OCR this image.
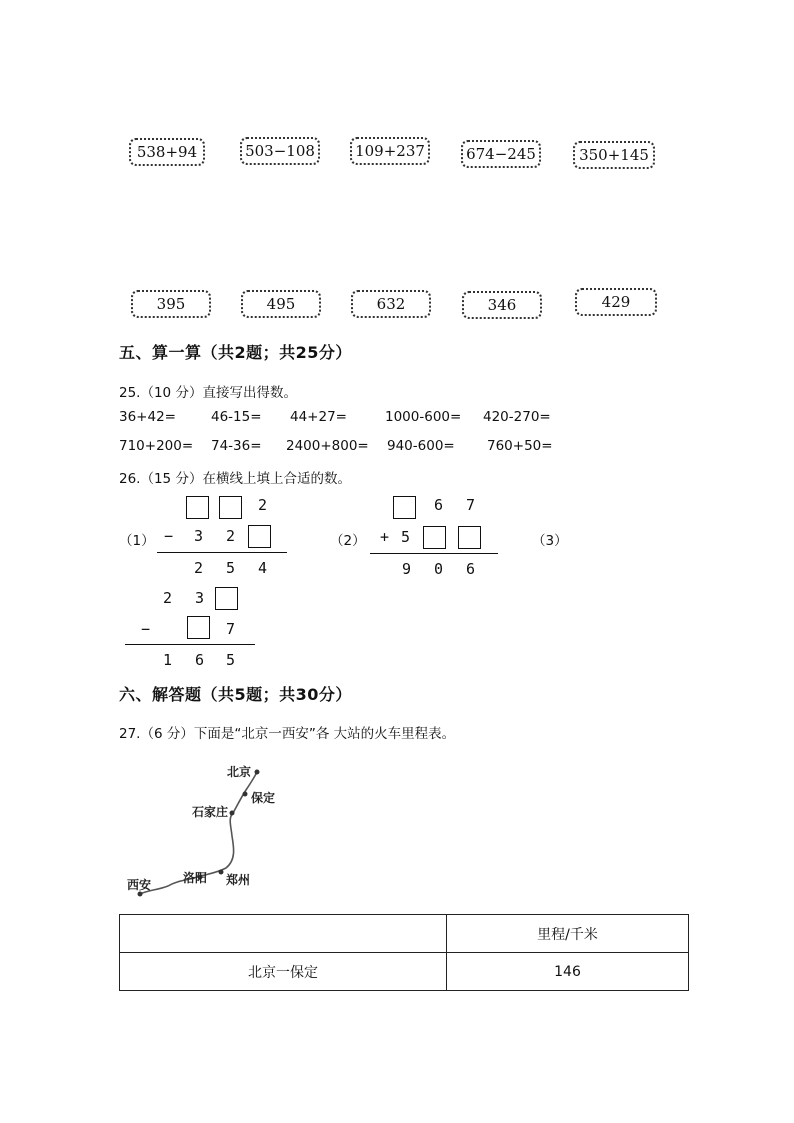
538+94	503−108	109+237	674−245	350+145
395	495	632	346	429
五、算一算（共2题；共25分）
25.（10 分）直接写出得数。
36+42=	46-15= 44+27=	1000-600= 420-270=
710+200= 74-36= 2400+800= 940-600= 760+50=
26.（15 分）在横线上填上合适的数。
（1）
2
− 3 2
2 5 4
（2）
6 7
+ 5
9 0 6
（3）
2 3
−	7
1 6 5
六、解答题（共5题；共30分）
27.（6 分）下面是“北京一西安”各 大站的火车里程表。
北京
保定
石家庄
郑州
洛阳
西安
	里程/千米
北京一保定	146
